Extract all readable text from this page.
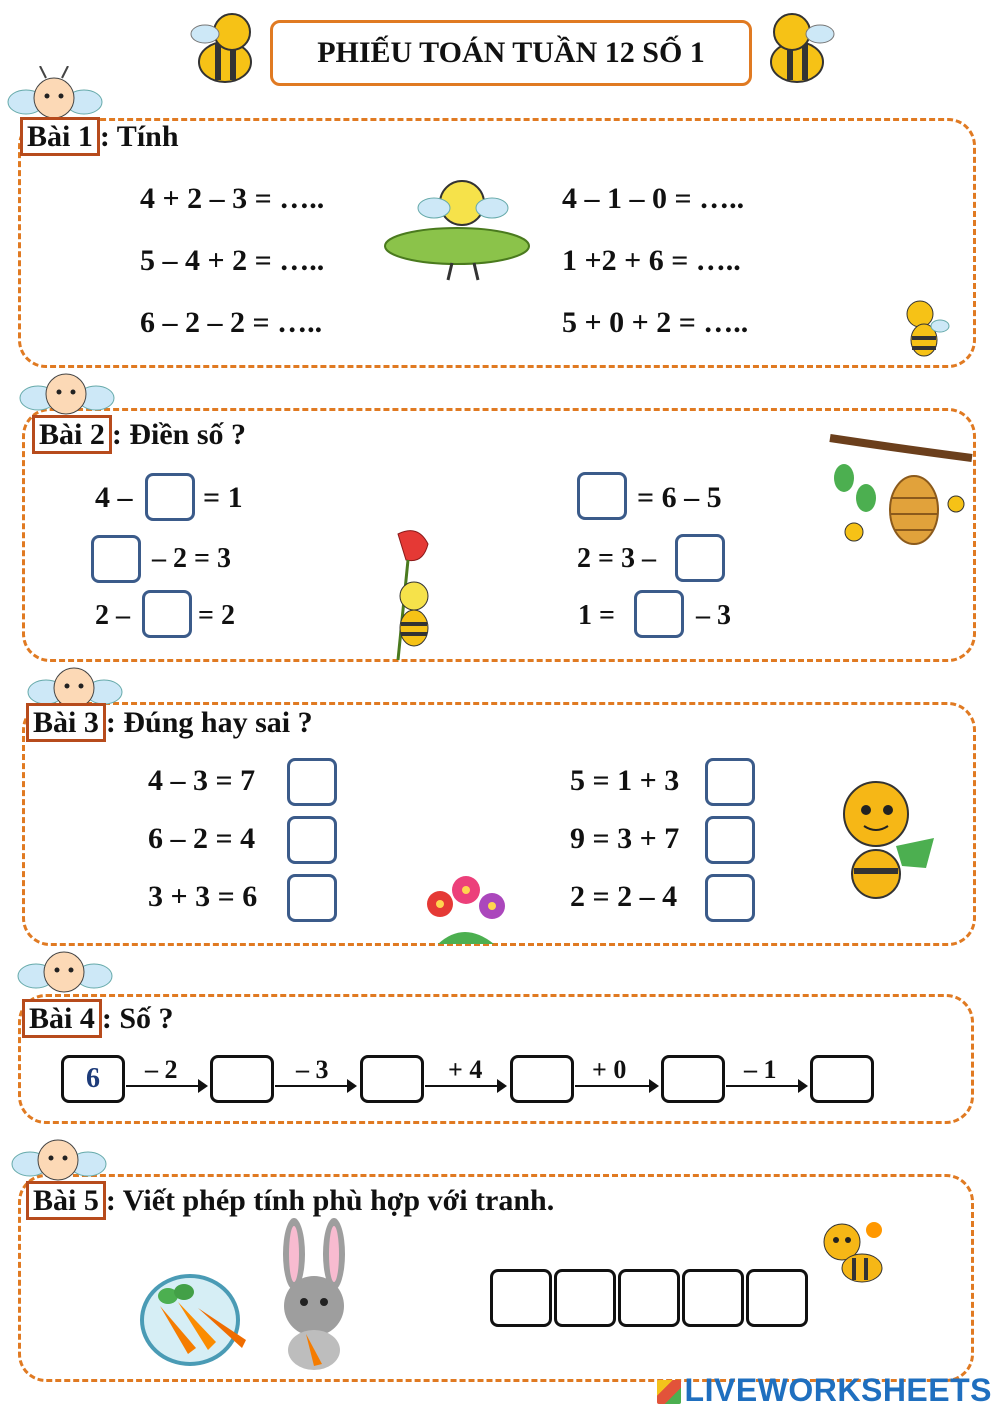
PHIẾU TOÁN TUẦN 12 SỐ 1
Bài 1 : Tính
4 + 2 – 3 = …..
5 – 4 + 2 = …..
6 – 2 – 2 = …..
4 – 1 – 0 = …..
1 +2 + 6 = …..
5 + 0 + 2 = …..
Bài 2 : Điền số ?
4 – = 1
– 2 = 3
2 – = 2
= 6 – 5
2 = 3 –
1 =	– 3
Bài 3 : Đúng hay sai ?
4 – 3 = 7
6 – 2 = 4
3 + 3 = 6
5 = 1 + 3
9 = 3 + 7
2 = 2 – 4
Bài 4 : Số ?
6 – 2	– 3	+ 4	+ 0	– 1
Bài 5 : Viết phép tính phù hợp với tranh.
LIVEWORKSHEETS
